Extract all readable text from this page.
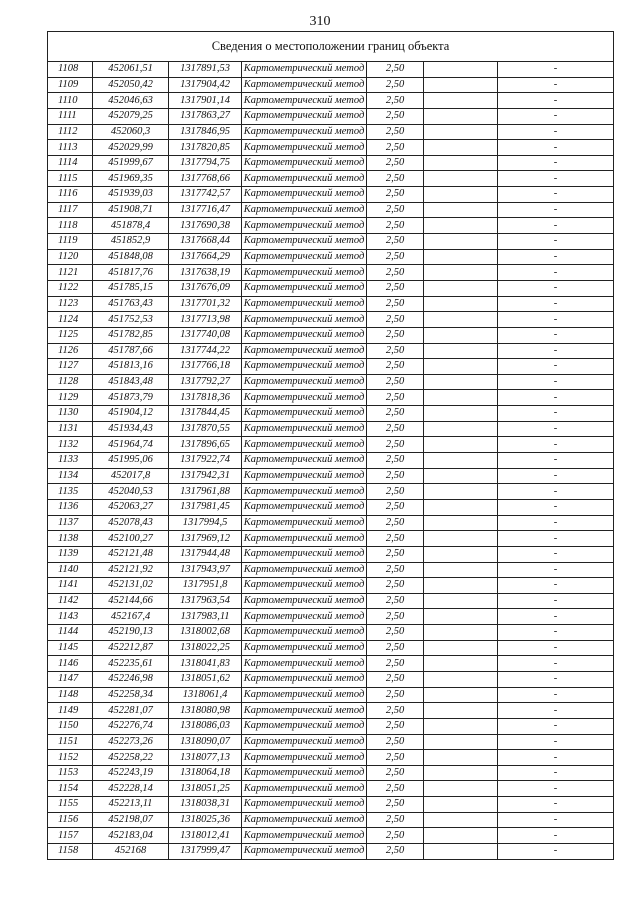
310
Сведения о местоположении границ объекта						
1108	452061,51	1317891,53	Картометрический метод	2,50		-
1109	452050,42	1317904,42	Картометрический метод	2,50		-
1110	452046,63	1317901,14	Картометрический метод	2,50		-
1111	452079,25	1317863,27	Картометрический метод	2,50		-
1112	452060,3	1317846,95	Картометрический метод	2,50		-
1113	452029,99	1317820,85	Картометрический метод	2,50		-
1114	451999,67	1317794,75	Картометрический метод	2,50		-
1115	451969,35	1317768,66	Картометрический метод	2,50		-
1116	451939,03	1317742,57	Картометрический метод	2,50		-
1117	451908,71	1317716,47	Картометрический метод	2,50		-
1118	451878,4	1317690,38	Картометрический метод	2,50		-
1119	451852,9	1317668,44	Картометрический метод	2,50		-
1120	451848,08	1317664,29	Картометрический метод	2,50		-
1121	451817,76	1317638,19	Картометрический метод	2,50		-
1122	451785,15	1317676,09	Картометрический метод	2,50		-
1123	451763,43	1317701,32	Картометрический метод	2,50		-
1124	451752,53	1317713,98	Картометрический метод	2,50		-
1125	451782,85	1317740,08	Картометрический метод	2,50		-
1126	451787,66	1317744,22	Картометрический метод	2,50		-
1127	451813,16	1317766,18	Картометрический метод	2,50		-
1128	451843,48	1317792,27	Картометрический метод	2,50		-
1129	451873,79	1317818,36	Картометрический метод	2,50		-
1130	451904,12	1317844,45	Картометрический метод	2,50		-
1131	451934,43	1317870,55	Картометрический метод	2,50		-
1132	451964,74	1317896,65	Картометрический метод	2,50		-
1133	451995,06	1317922,74	Картометрический метод	2,50		-
1134	452017,8	1317942,31	Картометрический метод	2,50		-
1135	452040,53	1317961,88	Картометрический метод	2,50		-
1136	452063,27	1317981,45	Картометрический метод	2,50		-
1137	452078,43	1317994,5	Картометрический метод	2,50		-
1138	452100,27	1317969,12	Картометрический метод	2,50		-
1139	452121,48	1317944,48	Картометрический метод	2,50		-
1140	452121,92	1317943,97	Картометрический метод	2,50		-
1141	452131,02	1317951,8	Картометрический метод	2,50		-
1142	452144,66	1317963,54	Картометрический метод	2,50		-
1143	452167,4	1317983,11	Картометрический метод	2,50		-
1144	452190,13	1318002,68	Картометрический метод	2,50		-
1145	452212,87	1318022,25	Картометрический метод	2,50		-
1146	452235,61	1318041,83	Картометрический метод	2,50		-
1147	452246,98	1318051,62	Картометрический метод	2,50		-
1148	452258,34	1318061,4	Картометрический метод	2,50		-
1149	452281,07	1318080,98	Картометрический метод	2,50		-
1150	452276,74	1318086,03	Картометрический метод	2,50		-
1151	452273,26	1318090,07	Картометрический метод	2,50		-
1152	452258,22	1318077,13	Картометрический метод	2,50		-
1153	452243,19	1318064,18	Картометрический метод	2,50		-
1154	452228,14	1318051,25	Картометрический метод	2,50		-
1155	452213,11	1318038,31	Картометрический метод	2,50		-
1156	452198,07	1318025,36	Картометрический метод	2,50		-
1157	452183,04	1318012,41	Картометрический метод	2,50		-
1158	452168	1317999,47	Картометрический метод	2,50		-
